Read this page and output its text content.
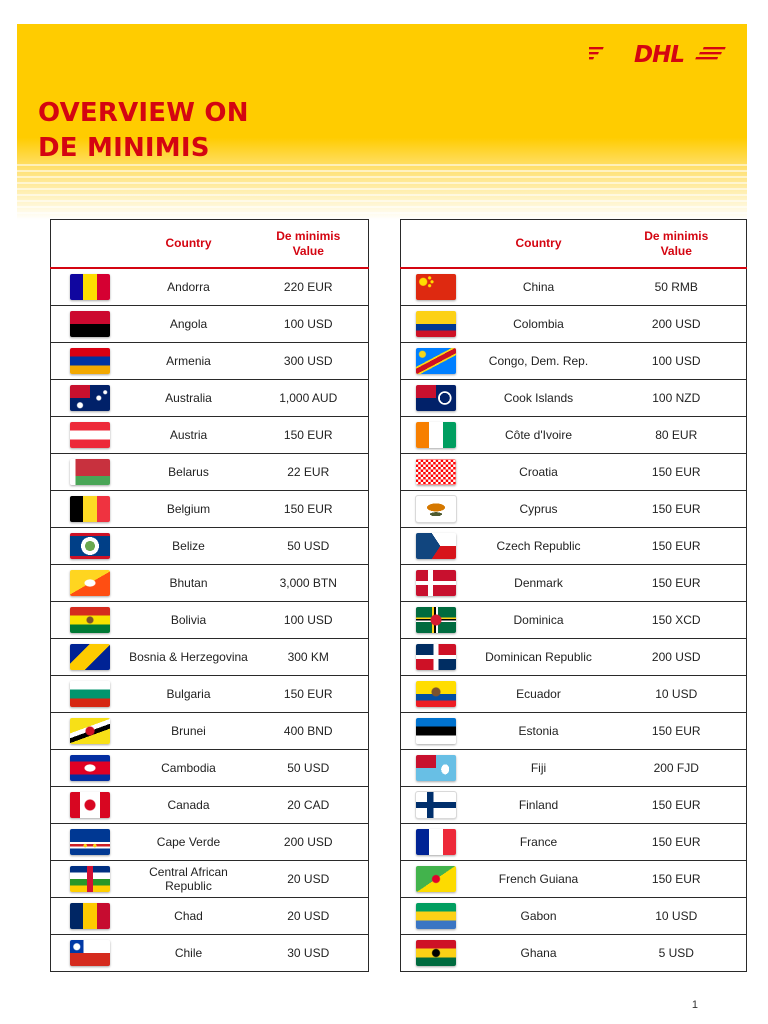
OVERVIEW ON
DE MINIMIS
DHL
	Country	De minimis
Value
	Andorra	220 EUR
	Angola	100 USD
	Armenia	300 USD
	Australia	1,000 AUD
	Austria	150 EUR
	Belarus	22 EUR
	Belgium	150 EUR
	Belize	50 USD
	Bhutan	3,000 BTN
	Bolivia	100 USD
	Bosnia & Herzegovina	300 KM
	Bulgaria	150 EUR
	Brunei	400 BND
	Cambodia	50 USD
	Canada	20 CAD
	Cape Verde	200 USD
	Central African Republic	20 USD
	Chad	20 USD
	Chile	30 USD
	Country	De minimis
Value
	China	50 RMB
	Colombia	200 USD
	Congo, Dem. Rep.	100 USD
	Cook Islands	100 NZD
	Côte d'Ivoire	80 EUR
	Croatia	150 EUR
	Cyprus	150 EUR
	Czech Republic	150 EUR
	Denmark	150 EUR
	Dominica	150 XCD
	Dominican Republic	200 USD
	Ecuador	10 USD
	Estonia	150 EUR
	Fiji	200 FJD
	Finland	150 EUR
	France	150 EUR
	French Guiana	150 EUR
	Gabon	10 USD
	Ghana	5 USD
1
